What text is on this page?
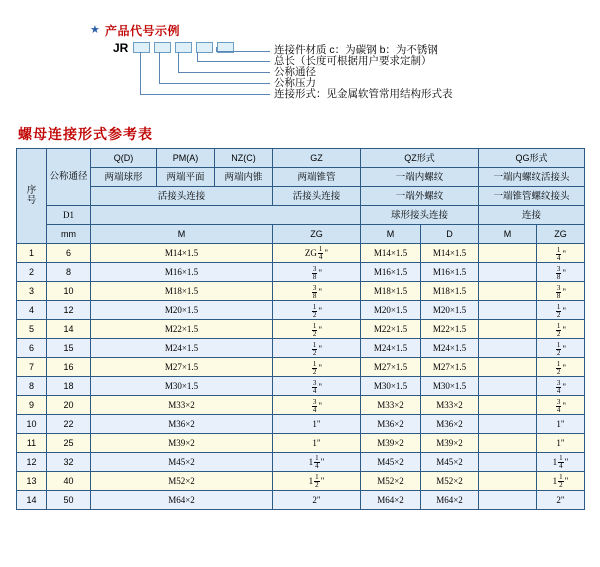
★ 产品代号示例
JR	连接件材质 c：为碳钢 b：为不锈钢
总长（长度可根据用户要求定制）
公称通径
公称压力
连接形式：见金属软管常用结构形式表
螺母连接形式参考表
序
号	公称通径	Q(D)	PM(A)	NZ(C)	GZ	QZ形式		QG形式	
		两端球形	两端平面	两端内锥	两端锥管	一端内螺纹		一端内螺纹活接头	
		活接头连接			活接头连接	一端外螺纹		一端锥管螺纹接头	
	D1					球形接头连接		连接	
	mm	M			ZG	M	D	M	ZG
1	6	M14×1.5			ZG $\frac{1}{4}$ "	M14×1.5	M14×1.5		$\frac{1}{4}$ "
2	8	M16×1.5			$\frac{3}{8}$ "	M16×1.5	M16×1.5		$\frac{3}{8}$ "
3	10	M18×1.5			$\frac{3}{8}$ "	M18×1.5	M18×1.5		$\frac{3}{8}$ "
4	12	M20×1.5			$\frac{1}{2}$ "	M20×1.5	M20×1.5		$\frac{1}{2}$ "
5	14	M22×1.5			$\frac{1}{2}$ "	M22×1.5	M22×1.5		$\frac{1}{2}$ "
6	15	M24×1.5			$\frac{1}{2}$ "	M24×1.5	M24×1.5		$\frac{1}{2}$ "
7	16	M27×1.5			$\frac{1}{2}$ "	M27×1.5	M27×1.5		$\frac{1}{2}$ "
8	18	M30×1.5			$\frac{3}{4}$ "	M30×1.5	M30×1.5		$\frac{3}{4}$ "
9	20	M33×2			$\frac{3}{4}$ "	M33×2	M33×2		$\frac{3}{4}$ "
10	22	M36×2			1"	M36×2	M36×2		1"
11	25	M39×2			1"	M39×2	M39×2		1"
12	32	M45×2			$1 \frac{1}{4}$ "	M45×2	M45×2		$1 \frac{1}{4}$ "
13	40	M52×2			$1 \frac{1}{2}$ "	M52×2	M52×2		$1 \frac{1}{2}$ "
14	50	M64×2			2"	M64×2	M64×2		2"
